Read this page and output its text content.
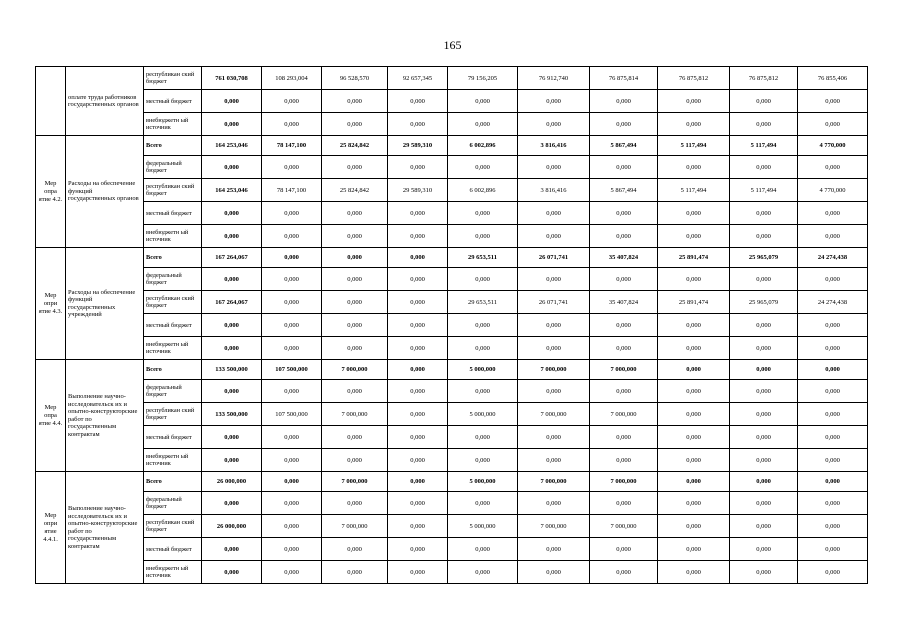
165
	оплате труда работников государственных органов	республикан ский бюджет	761 030,708	108 293,004	96 528,570	92 657,345	79 156,205	76 912,740	76 875,814	76 875,812	76 875,812	76 855,406
		местный бюджет	0,000	0,000	0,000	0,000	0,000	0,000	0,000	0,000	0,000	0,000
		внебюджетн ый источник	0,000	0,000	0,000	0,000	0,000	0,000	0,000	0,000	0,000	0,000
Мер опра ятие 4.2.	Расходы на обеспечение функций государственных органов	Всего	164 253,046	78 147,100	25 824,842	29 589,310	6 002,896	3 816,416	5 867,494	5 117,494	5 117,494	4 770,000
		федеральный бюджет	0,000	0,000	0,000	0,000	0,000	0,000	0,000	0,000	0,000	0,000
		республикан ский бюджет	164 253,046	78 147,100	25 824,842	29 589,310	6 002,896	3 816,416	5 867,494	5 117,494	5 117,494	4 770,000
		местный бюджет	0,000	0,000	0,000	0,000	0,000	0,000	0,000	0,000	0,000	0,000
		внебюджетн ый источник	0,000	0,000	0,000	0,000	0,000	0,000	0,000	0,000	0,000	0,000
Мер опри ятие 4.3.	Расходы на обеспечение функций государственных учреждений	Всего	167 264,067	0,000	0,000	0,000	29 653,511	26 071,741	35 407,824	25 891,474	25 965,079	24 274,438
		федеральный бюджет	0,000	0,000	0,000	0,000	0,000	0,000	0,000	0,000	0,000	0,000
		республикан ский бюджет	167 264,067	0,000	0,000	0,000	29 653,511	26 071,741	35 407,824	25 891,474	25 965,079	24 274,438
		местный бюджет	0,000	0,000	0,000	0,000	0,000	0,000	0,000	0,000	0,000	0,000
		внебюджетн ый источник	0,000	0,000	0,000	0,000	0,000	0,000	0,000	0,000	0,000	0,000
Мер опра ятие 4.4.	Выполнение научно-исследовательск их и опытно-конструкторские работ по государственным контрактам	Всего	133 500,000	107 500,000	7 000,000	0,000	5 000,000	7 000,000	7 000,000	0,000	0,000	0,000
		федеральный бюджет	0,000	0,000	0,000	0,000	0,000	0,000	0,000	0,000	0,000	0,000
		республикан ский бюджет	133 500,000	107 500,000	7 000,000	0,000	5 000,000	7 000,000	7 000,000	0,000	0,000	0,000
		местный бюджет	0,000	0,000	0,000	0,000	0,000	0,000	0,000	0,000	0,000	0,000
		внебюджетн ый источник	0,000	0,000	0,000	0,000	0,000	0,000	0,000	0,000	0,000	0,000
Мер опри ятие 4.4.1.	Выполнение научно-исследовательск их и опытно-конструкторские работ по государственным контрактам	Всего	26 000,000	0,000	7 000,000	0,000	5 000,000	7 000,000	7 000,000	0,000	0,000	0,000
		федеральный бюджет	0,000	0,000	0,000	0,000	0,000	0,000	0,000	0,000	0,000	0,000
		республикан ский бюджет	26 000,000	0,000	7 000,000	0,000	5 000,000	7 000,000	7 000,000	0,000	0,000	0,000
		местный бюджет	0,000	0,000	0,000	0,000	0,000	0,000	0,000	0,000	0,000	0,000
		внебюджетн ый источник	0,000	0,000	0,000	0,000	0,000	0,000	0,000	0,000	0,000	0,000
